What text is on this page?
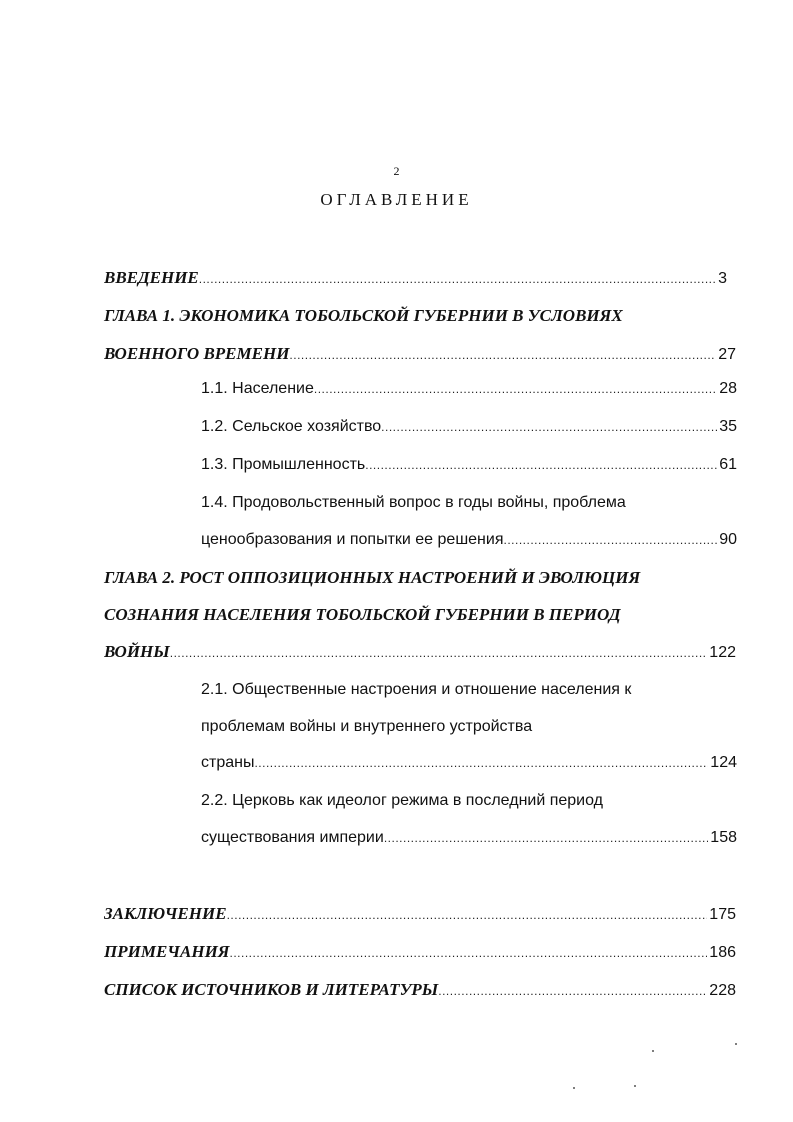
2
ОГЛАВЛЕНИЕ
ВВЕДЕНИЕ .....	3
ГЛАВА 1. ЭКОНОМИКА ТОБОЛЬСКОЙ ГУБЕРНИИ В УСЛОВИЯХ
ВОЕННОГО ВРЕМЕНИ .....	27
1.1. Население .....	28
1.2. Сельское хозяйство .....	35
1.3. Промышленность .....	61
1.4. Продовольственный вопрос в годы войны, проблема
ценообразования и попытки ее решения .....	90
ГЛАВА 2. РОСТ ОППОЗИЦИОННЫХ НАСТРОЕНИЙ И ЭВОЛЮЦИЯ
СОЗНАНИЯ НАСЕЛЕНИЯ ТОБОЛЬСКОЙ ГУБЕРНИИ В ПЕРИОД
ВОЙНЫ .....	122
2.1. Общественные настроения и отношение населения к
проблемам войны и внутреннего устройства
страны .....	124
2.2. Церковь как идеолог режима в последний период
существования империи .....	158
ЗАКЛЮЧЕНИЕ .....	175
ПРИМЕЧАНИЯ .....	186
СПИСОК ИСТОЧНИКОВ И ЛИТЕРАТУРЫ .....	228
